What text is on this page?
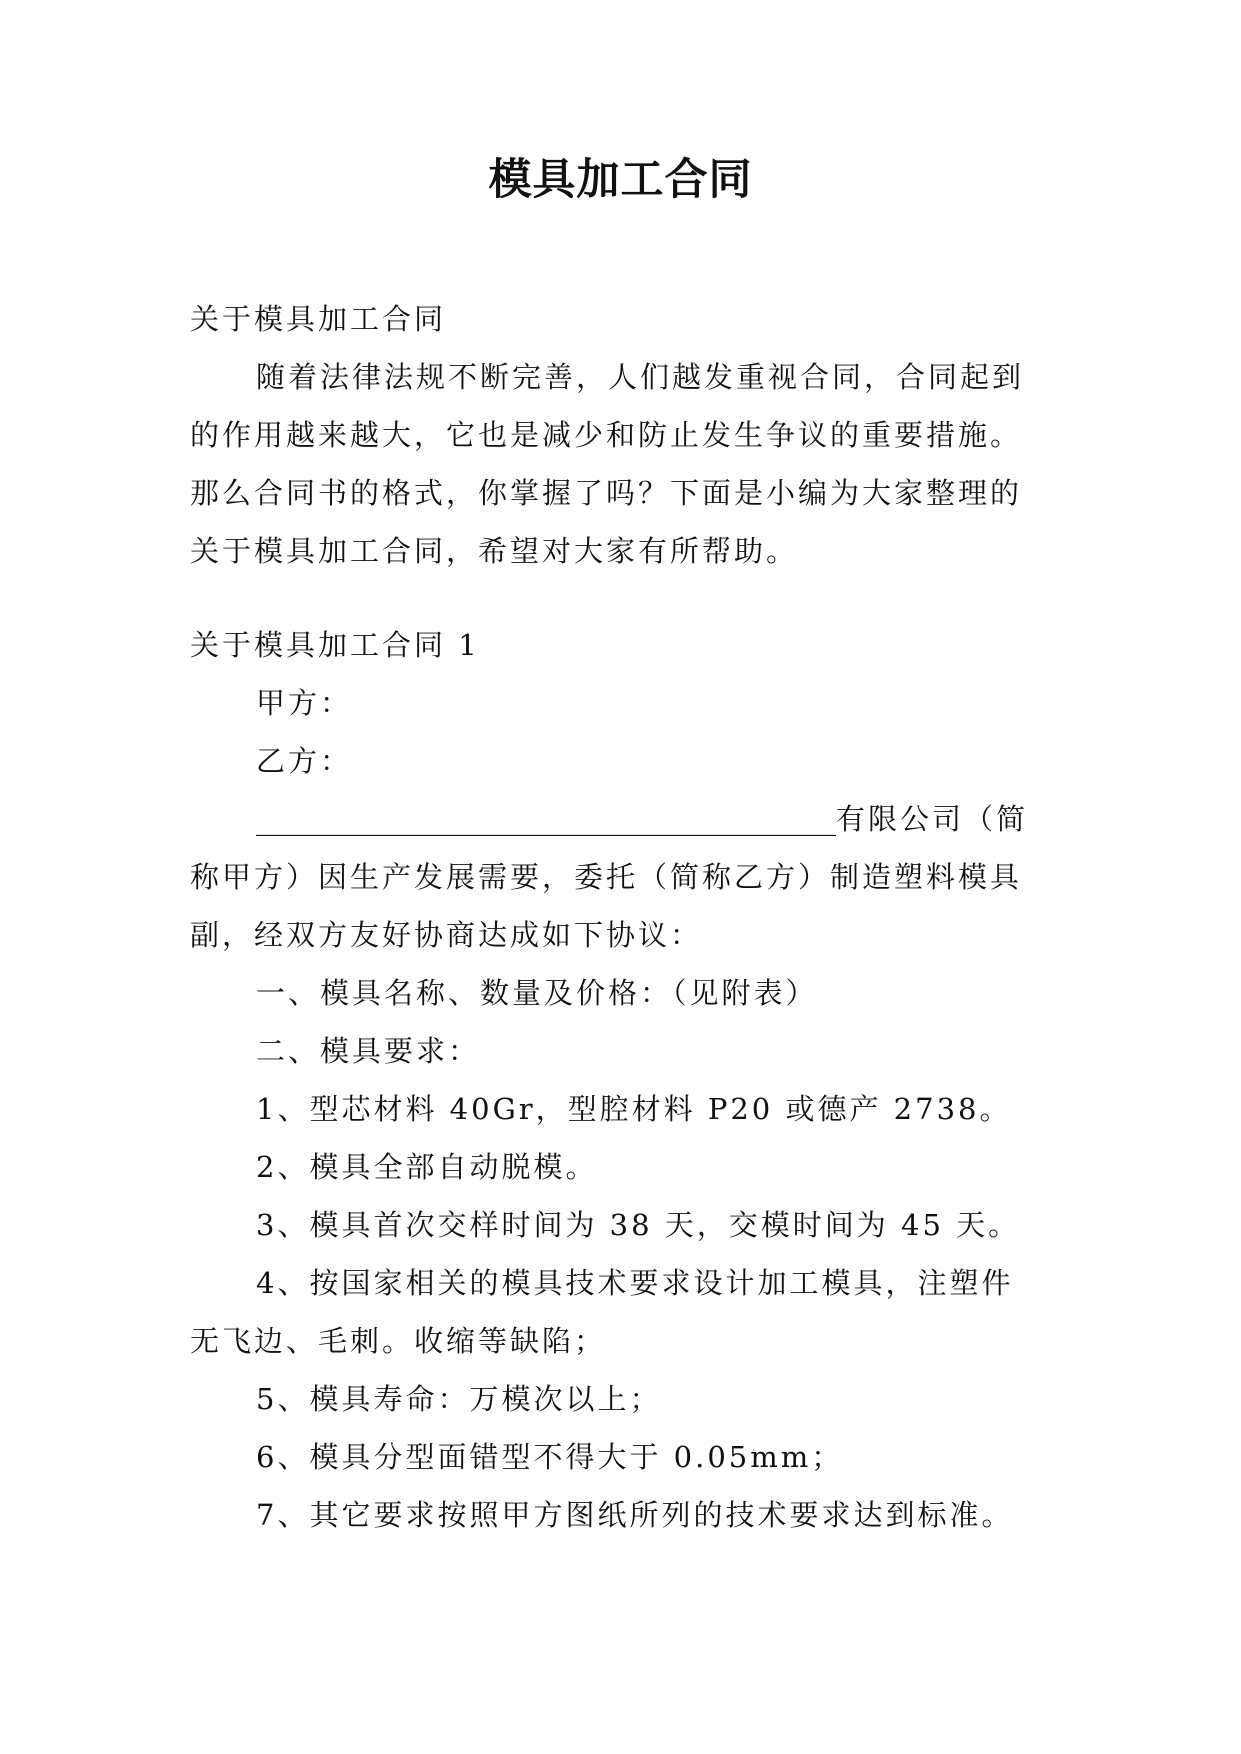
模具加工合同
关于模具加工合同
随着法律法规不断完善，人们越发重视合同，合同起到
的作用越来越大，它也是减少和防止发生争议的重要措施。
那么合同书的格式，你掌握了吗？下面是小编为大家整理的
关于模具加工合同，希望对大家有所帮助。
关于模具加工合同 1
甲方：
乙方：
________________________________________有限公司（简
称甲方）因生产发展需要，委托（简称乙方）制造塑料模具
副，经双方友好协商达成如下协议：
一、模具名称、数量及价格：（见附表）
二、模具要求：
1、型芯材料 40Gr，型腔材料 P20 或德产 2738。
2、模具全部自动脱模。
3、模具首次交样时间为 38 天，交模时间为 45 天。
4、按国家相关的模具技术要求设计加工模具，注塑件
无飞边、毛刺。收缩等缺陷；
5、模具寿命：万模次以上；
6、模具分型面错型不得大于 0.05mm；
7、其它要求按照甲方图纸所列的技术要求达到标准。
